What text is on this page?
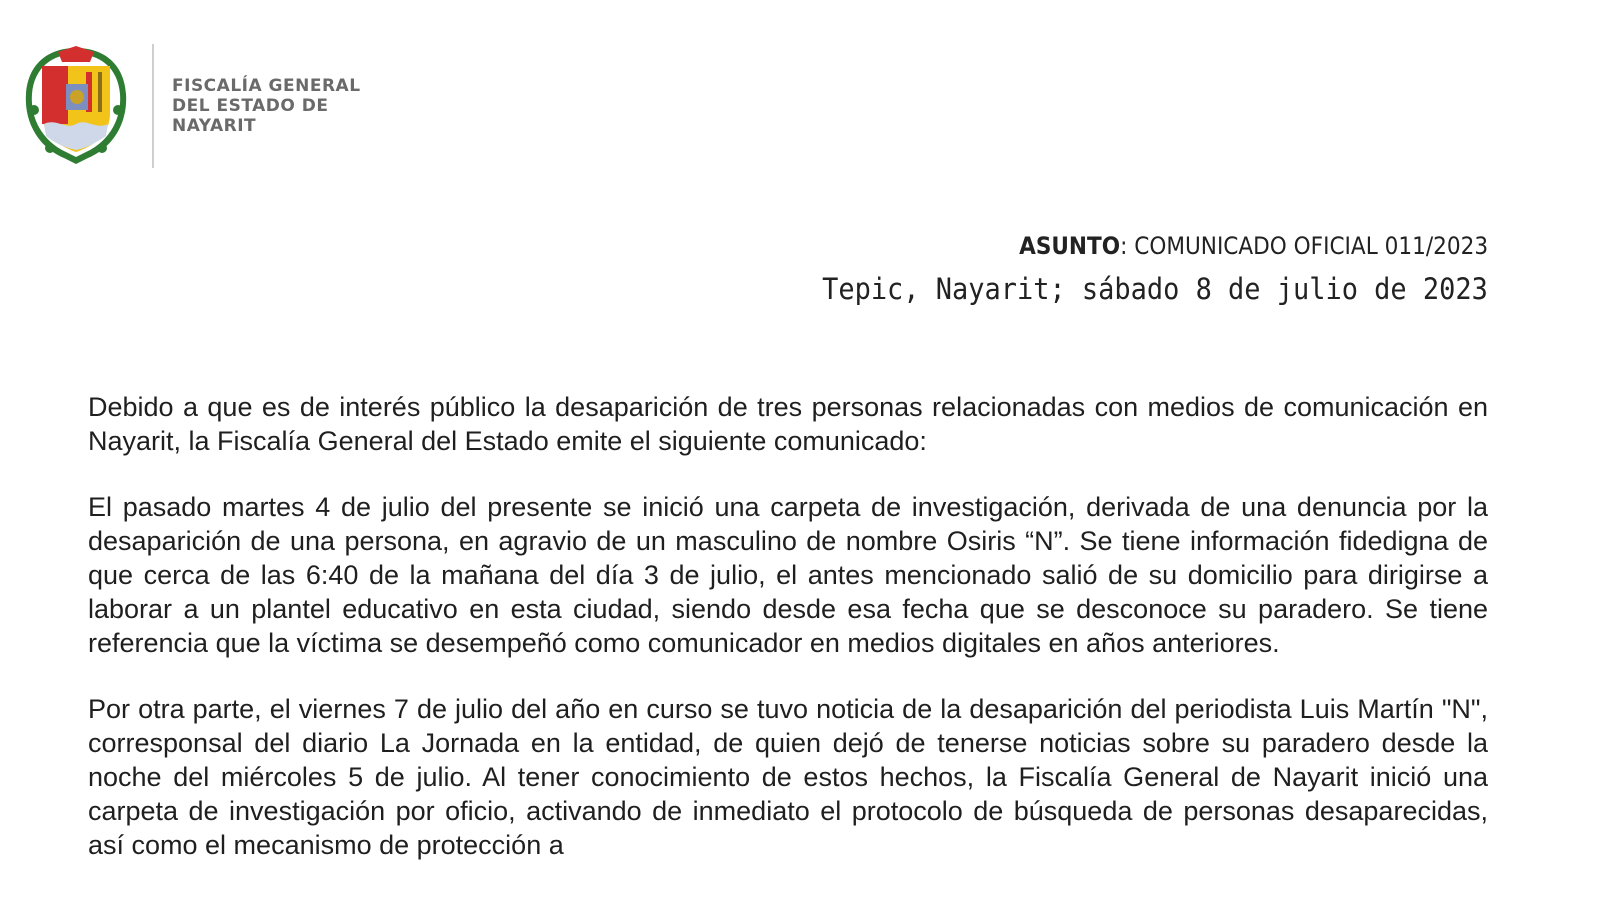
FISCALÍA GENERAL
DEL ESTADO DE
NAYARIT
ASUNTO: COMUNICADO OFICIAL 011/2023
Tepic, Nayarit; sábado 8 de julio de 2023

Debido a que es de interés público la desaparición de tres personas relacionadas con medios de comunicación en Nayarit, la Fiscalía General del Estado emite el siguiente comunicado:

El pasado martes 4 de julio del presente se inició una carpeta de investigación, derivada de una denuncia por la desaparición de una persona, en agravio de un masculino de nombre Osiris “N”. Se tiene información fidedigna de que cerca de las 6:40 de la mañana del día 3 de julio, el antes mencionado salió de su domicilio para dirigirse a laborar a un plantel educativo en esta ciudad, siendo desde esa fecha que se desconoce su paradero. Se tiene referencia que la víctima se desempeñó como comunicador en medios digitales en años anteriores.

Por otra parte, el viernes 7 de julio del año en curso se tuvo noticia de la desaparición del periodista Luis Martín "N", corresponsal del diario La Jornada en la entidad, de quien dejó de tenerse noticias sobre su paradero desde la noche del miércoles 5 de julio. Al tener conocimiento de estos hechos, la Fiscalía General de Nayarit inició una carpeta de investigación por oficio, activando de inmediato el protocolo de búsqueda de personas desaparecidas, así como el mecanismo de protección a
